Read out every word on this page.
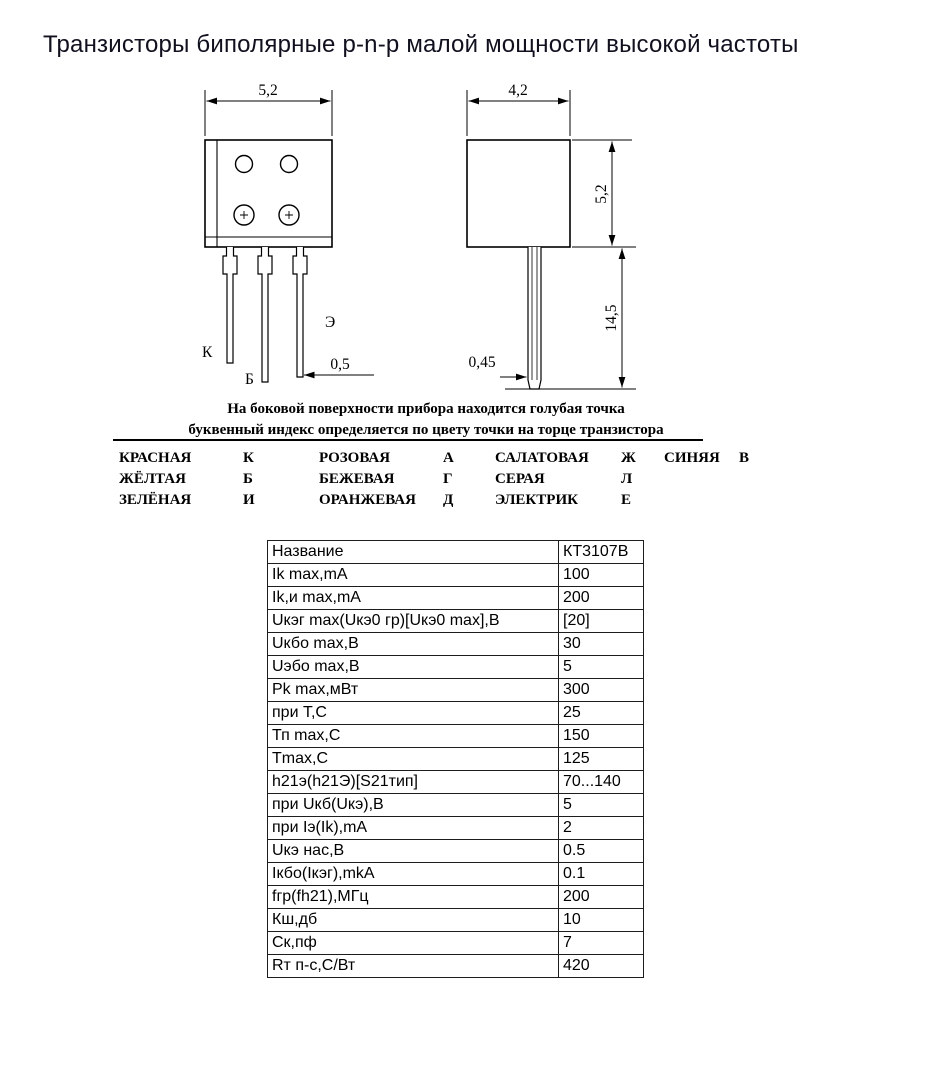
Транзисторы биполярные p-n-p малой мощности высокой частоты
5,2
К
Б
Э
0,5
4,2
5,2
14,5
0,45
На боковой поверхности прибора находится голубая точка
буквенный индекс определяется по цвету точки на торце транзистора
КРАСНАЯ	К	РОЗОВАЯ	А	САЛАТОВАЯ	Ж	СИНЯЯ	В
ЖЁЛТАЯ	Б	БЕЖЕВАЯ	Г	СЕРАЯ	Л
ЗЕЛЁНАЯ	И	ОРАНЖЕВАЯ	Д	ЭЛЕКТРИК	Е
Название	КТ3107В
Ik max,mA	100
Ik,и max,mA	200
Uкэг max(Uкэ0 гр)[Uкэ0 max],В	[20]
Uкбо max,В	30
Uэбо max,В	5
Pk max,мВт	300
при Т,С	25
Тп max,С	150
Tmax,С	125
h21э(h21Э)[S21тип]	70...140
при Uкб(Uкэ),В	5
при Iэ(Ik),mA	2
Uкэ нас,В	0.5
Iкбо(Iкэг),mkA	0.1
fгр(fh21),МГц	200
Кш,дб	10
Ск,пф	7
Rт п-с,С/Вт	420
